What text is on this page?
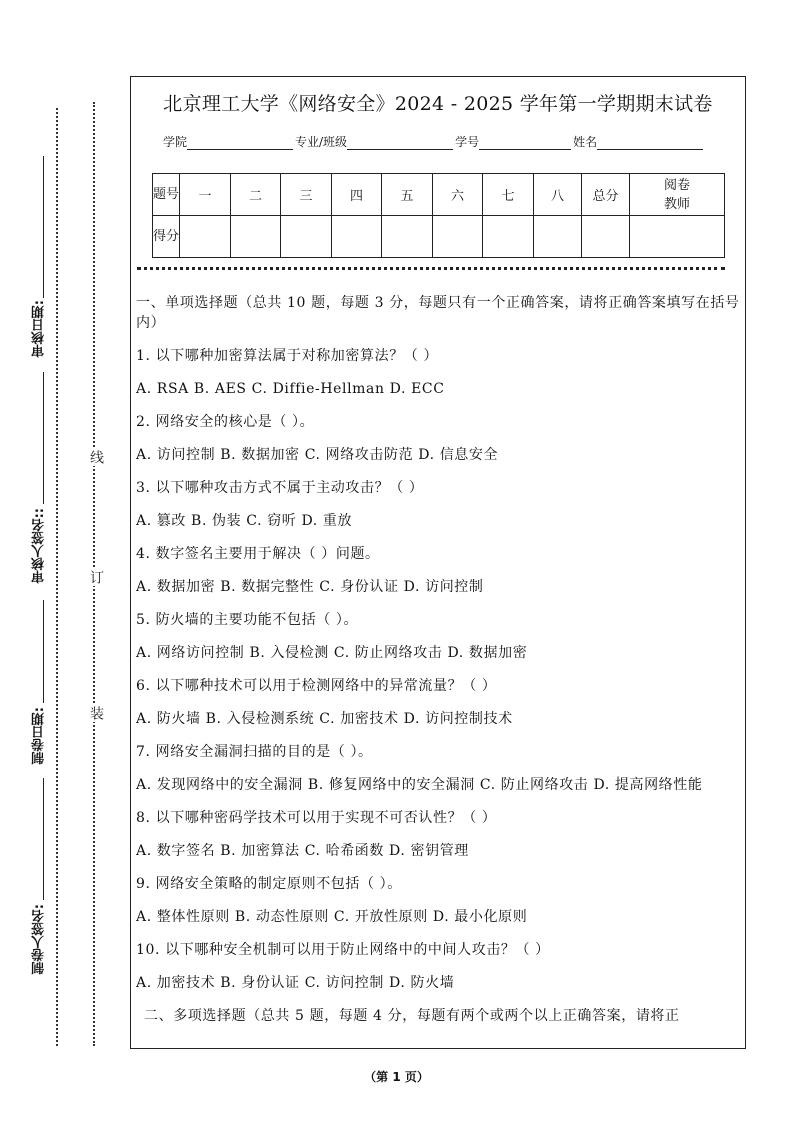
审核日期:
审核人签名::
制卷日期:
制卷人签名:
线
订
装
北京理工大学《网络安全》2024 - 2025 学年第一学期期末试卷
学院	专业/班级	学号	姓名
题号	一	二	三	四	五	六	七	八	总分	阅卷教师
得分										

一、单项选择题（总共 10 题，每题 3 分，每题只有一个正确答案，请将正确答案填写在括号内）

1. 以下哪种加密算法属于对称加密算法？（ ）

A. RSA B. AES C. Diffie-Hellman D. ECC

2. 网络安全的核心是（ ）。

A. 访问控制 B. 数据加密 C. 网络攻击防范 D. 信息安全

3. 以下哪种攻击方式不属于主动攻击？（ ）

A. 篡改 B. 伪装 C. 窃听 D. 重放

4. 数字签名主要用于解决（ ）问题。

A. 数据加密 B. 数据完整性 C. 身份认证 D. 访问控制

5. 防火墙的主要功能不包括（ ）。

A. 网络访问控制 B. 入侵检测 C. 防止网络攻击 D. 数据加密

6. 以下哪种技术可以用于检测网络中的异常流量？（ ）

A. 防火墙 B. 入侵检测系统 C. 加密技术 D. 访问控制技术

7. 网络安全漏洞扫描的目的是（ ）。

A. 发现网络中的安全漏洞 B. 修复网络中的安全漏洞 C. 防止网络攻击 D. 提高网络性能

8. 以下哪种密码学技术可以用于实现不可否认性？（ ）

A. 数字签名 B. 加密算法 C. 哈希函数 D. 密钥管理

9. 网络安全策略的制定原则不包括（ ）。

A. 整体性原则 B. 动态性原则 C. 开放性原则 D. 最小化原则

10. 以下哪种安全机制可以用于防止网络中的中间人攻击？（ ）

A. 加密技术 B. 身份认证 C. 访问控制 D. 防火墙

二、多项选择题（总共 5 题，每题 4 分，每题有两个或两个以上正确答案，请将正

（第 1 页）
